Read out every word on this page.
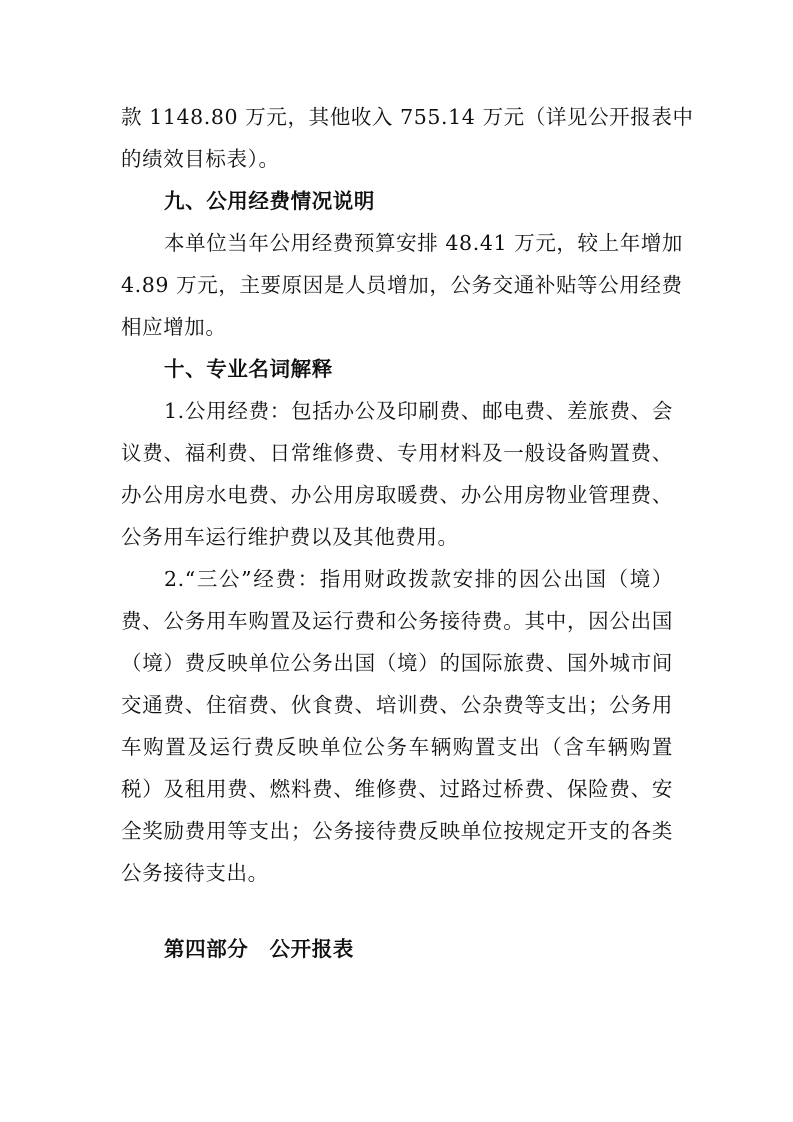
款 1148.80 万元，其他收入 755.14 万元（详见公开报表中
的绩效目标表）。
九、公用经费情况说明
本单位当年公用经费预算安排 48.41 万元，较上年增加
4.89 万元，主要原因是人员增加，公务交通补贴等公用经费
相应增加。
十、专业名词解释
1.公用经费：包括办公及印刷费、邮电费、差旅费、会
议费、福利费、日常维修费、专用材料及一般设备购置费、
办公用房水电费、办公用房取暖费、办公用房物业管理费、
公务用车运行维护费以及其他费用。
2.“三公”经费：指用财政拨款安排的因公出国（境）
费、公务用车购置及运行费和公务接待费。其中，因公出国
（境）费反映单位公务出国（境）的国际旅费、国外城市间
交通费、住宿费、伙食费、培训费、公杂费等支出；公务用
车购置及运行费反映单位公务车辆购置支出（含车辆购置
税）及租用费、燃料费、维修费、过路过桥费、保险费、安
全奖励费用等支出；公务接待费反映单位按规定开支的各类
公务接待支出。
第四部分　公开报表
